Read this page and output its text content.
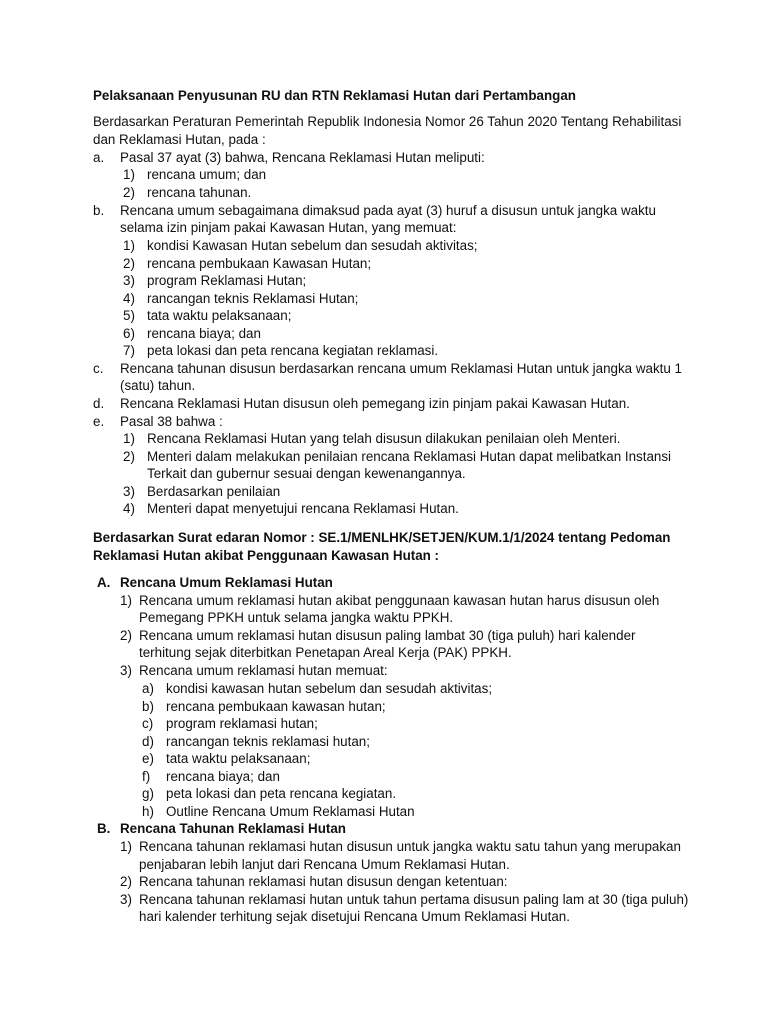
Pelaksanaan Penyusunan RU dan RTN Reklamasi Hutan dari Pertambangan
Berdasarkan Peraturan Pemerintah Republik Indonesia Nomor 26 Tahun 2020 Tentang Rehabilitasi
dan Reklamasi Hutan, pada :
a. Pasal 37 ayat (3) bahwa, Rencana Reklamasi Hutan meliputi:
1) rencana umum; dan
2) rencana tahunan.
b. Rencana umum sebagaimana dimaksud pada ayat (3) huruf a disusun untuk jangka waktu
selama izin pinjam pakai Kawasan Hutan, yang memuat:
1) kondisi Kawasan Hutan sebelum dan sesudah aktivitas;
2) rencana pembukaan Kawasan Hutan;
3) program Reklamasi Hutan;
4) rancangan teknis Reklamasi Hutan;
5) tata waktu pelaksanaan;
6) rencana biaya; dan
7) peta lokasi dan peta rencana kegiatan reklamasi.
c. Rencana tahunan disusun berdasarkan rencana umum Reklamasi Hutan untuk jangka waktu 1
(satu) tahun.
d. Rencana Reklamasi Hutan disusun oleh pemegang izin pinjam pakai Kawasan Hutan.
e. Pasal 38 bahwa :
1) Rencana Reklamasi Hutan yang telah disusun dilakukan penilaian oleh Menteri.
2) Menteri dalam melakukan penilaian rencana Reklamasi Hutan dapat melibatkan Instansi
Terkait dan gubernur sesuai dengan kewenangannya.
3) Berdasarkan penilaian
4) Menteri dapat menyetujui rencana Reklamasi Hutan.
Berdasarkan Surat edaran Nomor : SE.1/MENLHK/SETJEN/KUM.1/1/2024 tentang Pedoman
Reklamasi Hutan akibat Penggunaan Kawasan Hutan :
A. Rencana Umum Reklamasi Hutan
1) Rencana umum reklamasi hutan akibat penggunaan kawasan hutan harus disusun oleh
Pemegang PPKH untuk selama jangka waktu PPKH.
2) Rencana umum reklamasi hutan disusun paling lambat 30 (tiga puluh) hari kalender
terhitung sejak diterbitkan Penetapan Areal Kerja (PAK) PPKH.
3) Rencana umum reklamasi hutan memuat:
a) kondisi kawasan hutan sebelum dan sesudah aktivitas;
b) rencana pembukaan kawasan hutan;
c) program reklamasi hutan;
d) rancangan teknis reklamasi hutan;
e) tata waktu pelaksanaan;
f) rencana biaya; dan
g) peta lokasi dan peta rencana kegiatan.
h) Outline Rencana Umum Reklamasi Hutan
B. Rencana Tahunan Reklamasi Hutan
1) Rencana tahunan reklamasi hutan disusun untuk jangka waktu satu tahun yang merupakan
penjabaran lebih lanjut dari Rencana Umum Reklamasi Hutan.
2) Rencana tahunan reklamasi hutan disusun dengan ketentuan:
3) Rencana tahunan reklamasi hutan untuk tahun pertama disusun paling lam at 30 (tiga puluh)
hari kalender terhitung sejak disetujui Rencana Umum Reklamasi Hutan.
